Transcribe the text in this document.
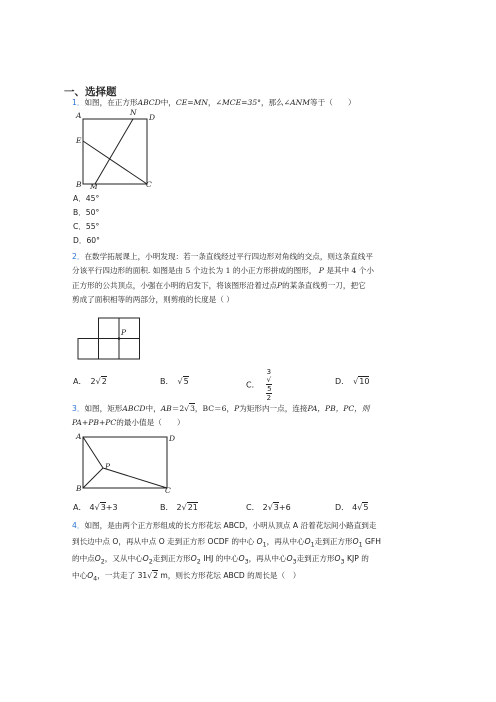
一、选择题
1．如图，在正方形ABCD中，CE=MN，∠MCE=35°，那么∠ANM等于（　　）
A	N
D
E
B M	C
A．45°
B．50°
C．55°
D．60°
2．在数学拓展课上，小明发现：若一条直线经过平行四边形对角线的交点，则这条直线平
分该平行四边形的面积. 如图是由 5 个边长为 1 的小正方形拼成的图形， P 是其中 4 个小
正方形的公共顶点，小强在小明的启发下，将该图形沿着过点P的某条直线剪一刀，把它
剪成了面积相等的两部分，则剪痕的长度是（ ）
P
A． 2√2	B． √5	C． 3
√
5
2	D． √10
3．如图，矩形ABCD中，AB＝2√3，BC＝6，P为矩形内一点，连接PA，PB，PC，则
PA+PB+PC的最小值是（　　）
A	D
P
B	C
A． 4√3+3	B． 2√21	C． 2√3+6	D． 4√5
4．如图，是由两个正方形组成的长方形花坛 ABCD，小明从顶点 A 沿着花坛间小路直到走
到长边中点 O，再从中点 O 走到正方形 OCDF 的中心 $O_1$，再从中心$O_1$走到正方形$O_1$ GFH
的中点$O_2$，又从中心$O_2$走到正方形$O_2$ IHJ 的中心$O_3$，再从中心$O_3$走到正方形$O_3$ KJP 的
中心$O_4$，一共走了 31√2 m，则长方形花坛 ABCD 的周长是（　）
